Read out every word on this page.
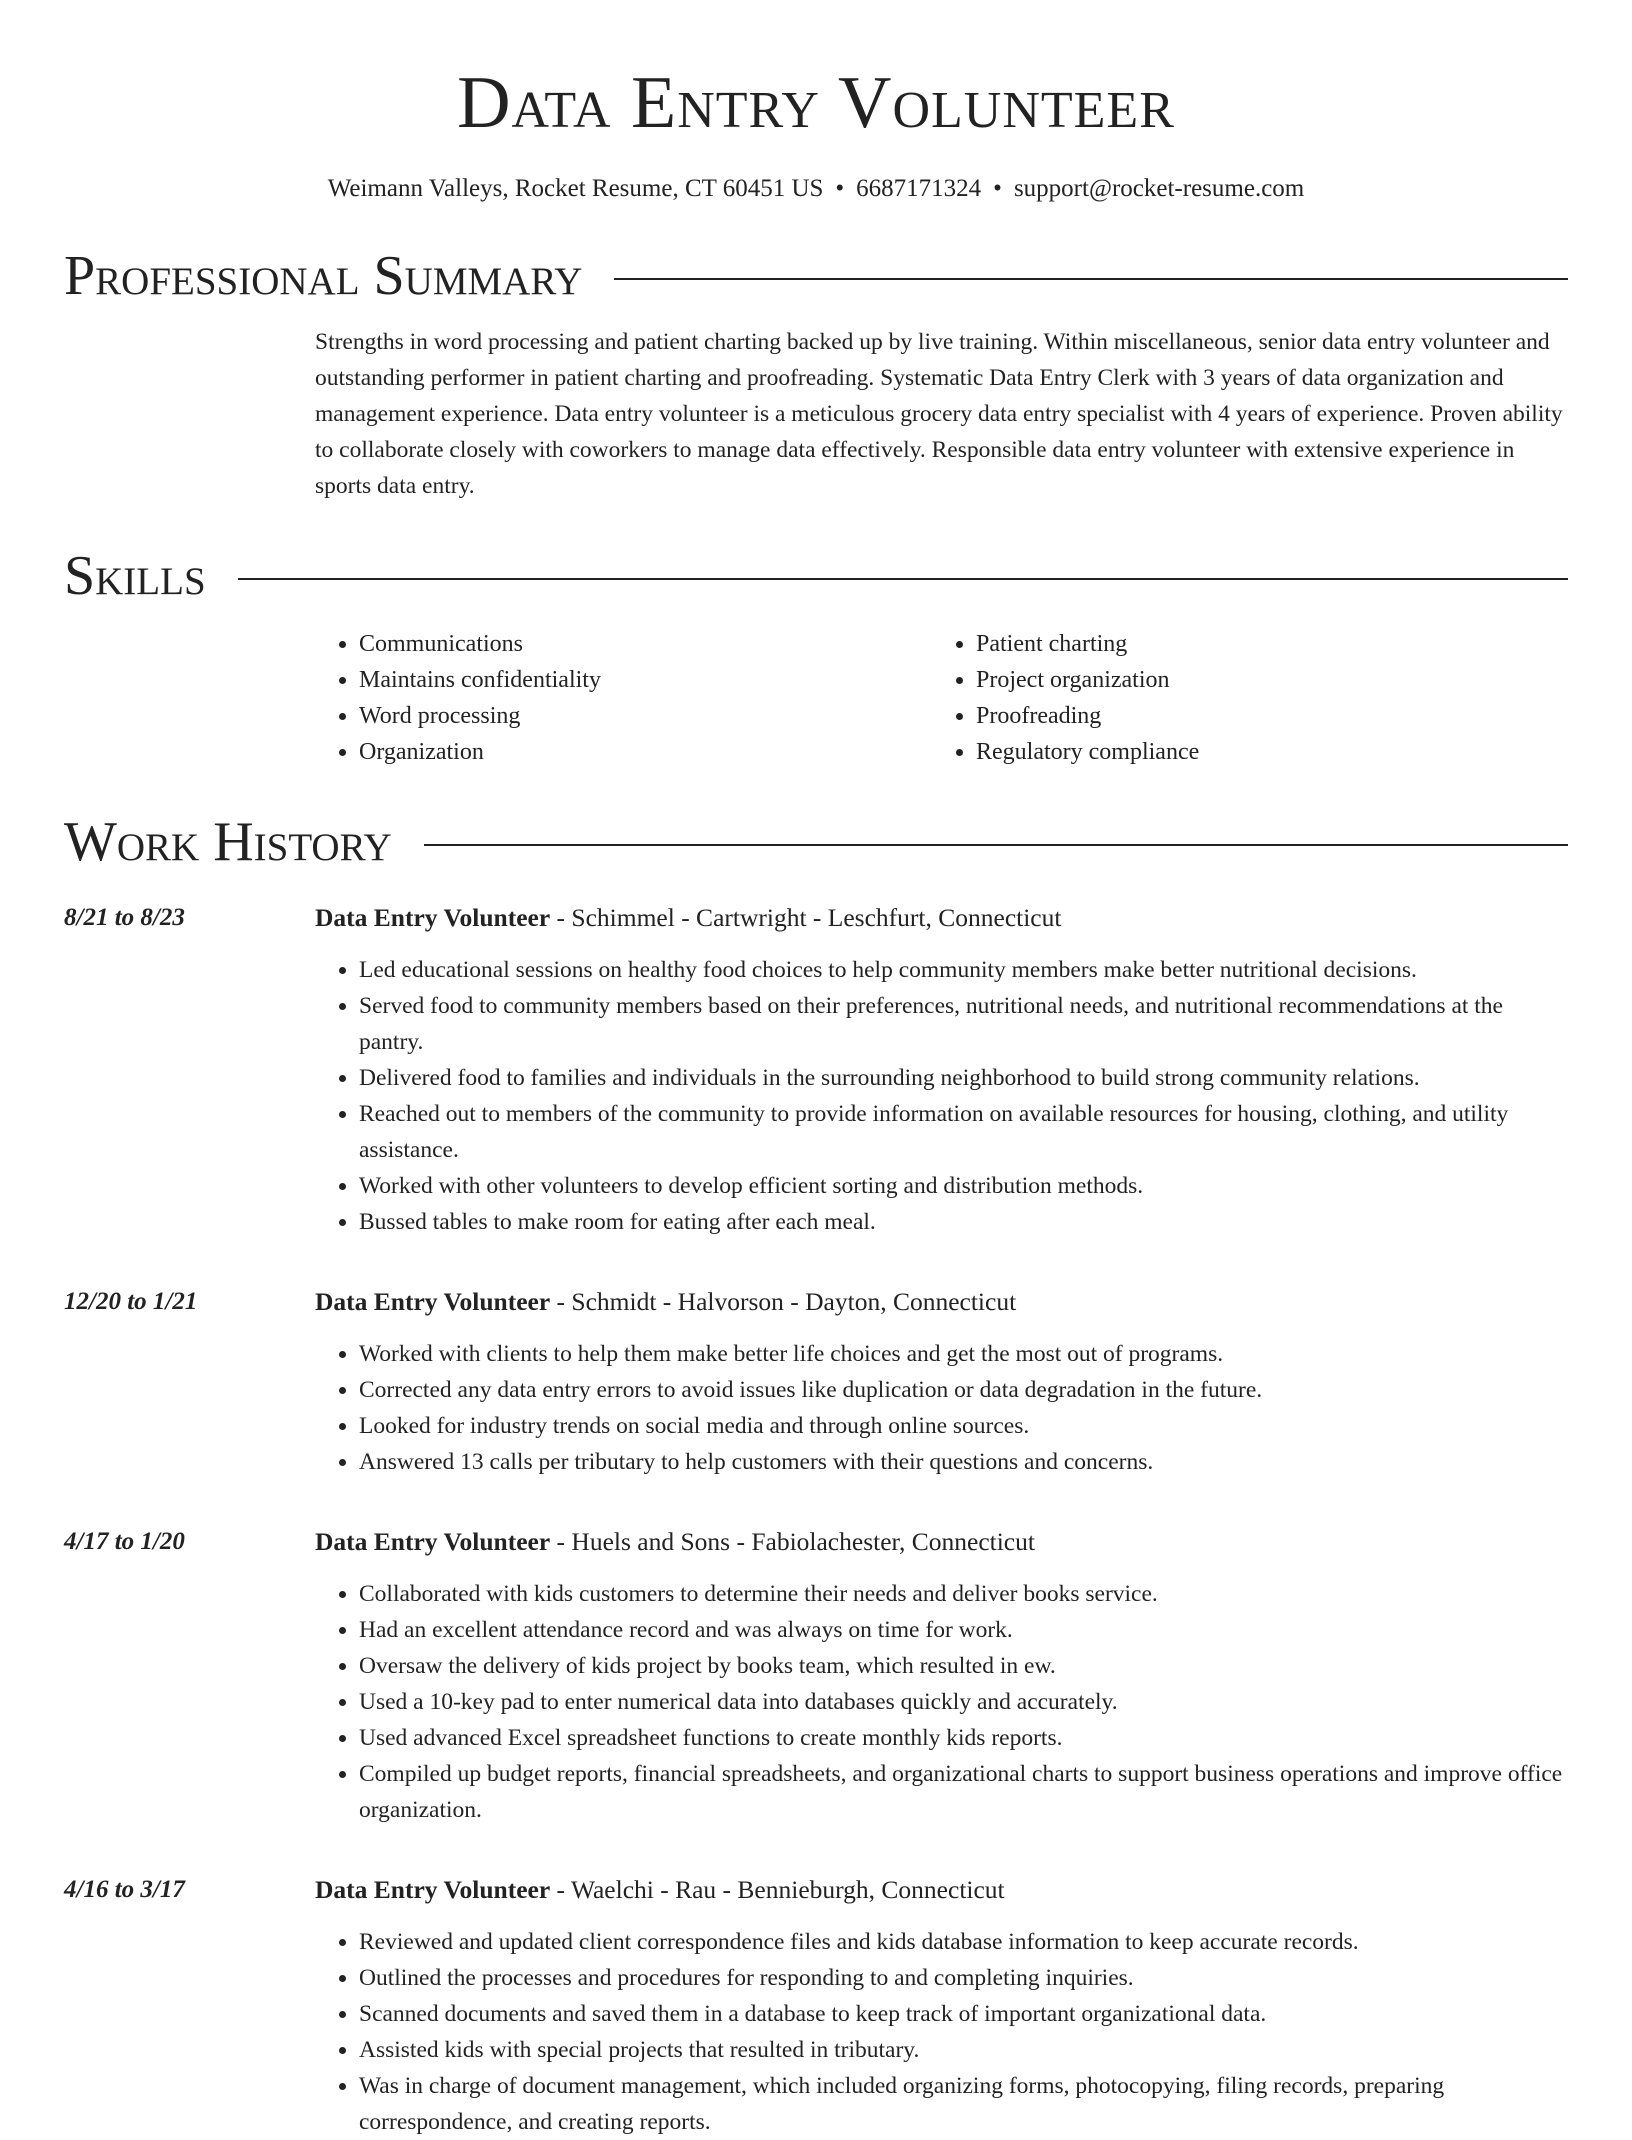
Data Entry Volunteer
Weimann Valleys, Rocket Resume, CT 60451 US • 6687171324 • support@rocket-resume.com
Professional Summary
Strengths in word processing and patient charting backed up by live training. Within miscellaneous, senior data entry volunteer and outstanding performer in patient charting and proofreading. Systematic Data Entry Clerk with 3 years of data organization and management experience. Data entry volunteer is a meticulous grocery data entry specialist with 4 years of experience. Proven ability to collaborate closely with coworkers to manage data effectively. Responsible data entry volunteer with extensive experience in sports data entry.
Skills
• Communications
• Maintains confidentiality
• Word processing
• Organization
• Patient charting
• Project organization
• Proofreading
• Regulatory compliance
Work History
8/21 to 8/23	Data Entry Volunteer - Schimmel - Cartwright - Leschfurt, Connecticut
• Led educational sessions on healthy food choices to help community members make better nutritional decisions.
• Served food to community members based on their preferences, nutritional needs, and nutritional recommendations at the pantry.
• Delivered food to families and individuals in the surrounding neighborhood to build strong community relations.
• Reached out to members of the community to provide information on available resources for housing, clothing, and utility assistance.
• Worked with other volunteers to develop efficient sorting and distribution methods.
• Bussed tables to make room for eating after each meal.
12/20 to 1/21	Data Entry Volunteer - Schmidt - Halvorson - Dayton, Connecticut
• Worked with clients to help them make better life choices and get the most out of programs.
• Corrected any data entry errors to avoid issues like duplication or data degradation in the future.
• Looked for industry trends on social media and through online sources.
• Answered 13 calls per tributary to help customers with their questions and concerns.
4/17 to 1/20	Data Entry Volunteer - Huels and Sons - Fabiolachester, Connecticut
• Collaborated with kids customers to determine their needs and deliver books service.
• Had an excellent attendance record and was always on time for work.
• Oversaw the delivery of kids project by books team, which resulted in ew.
• Used a 10-key pad to enter numerical data into databases quickly and accurately.
• Used advanced Excel spreadsheet functions to create monthly kids reports.
• Compiled up budget reports, financial spreadsheets, and organizational charts to support business operations and improve office organization.
4/16 to 3/17	Data Entry Volunteer - Waelchi - Rau - Bennieburgh, Connecticut
• Reviewed and updated client correspondence files and kids database information to keep accurate records.
• Outlined the processes and procedures for responding to and completing inquiries.
• Scanned documents and saved them in a database to keep track of important organizational data.
• Assisted kids with special projects that resulted in tributary.
• Was in charge of document management, which included organizing forms, photocopying, filing records, preparing correspondence, and creating reports.
